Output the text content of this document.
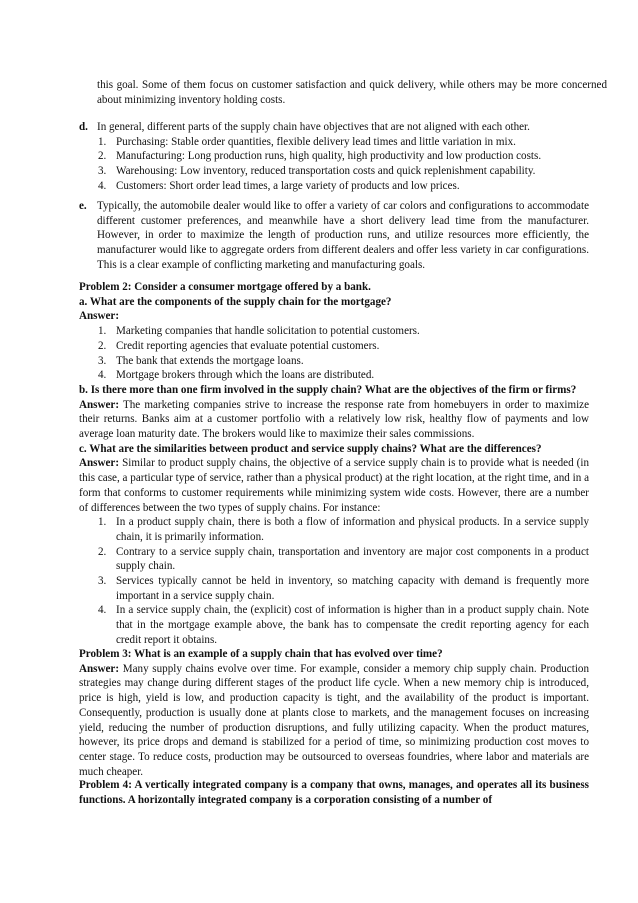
this goal. Some of them focus on customer satisfaction and quick delivery, while others may be more concerned about minimizing inventory holding costs.

d. In general, different parts of the supply chain have objectives that are not aligned with each other.

1. Purchasing: Stable order quantities, flexible delivery lead times and little variation in mix.
2. Manufacturing: Long production runs, high quality, high productivity and low production costs.
3. Warehousing: Low inventory, reduced transportation costs and quick replenishment capability.
4. Customers: Short order lead times, a large variety of products and low prices.
e. Typically, the automobile dealer would like to offer a variety of car colors and configurations to accommodate different customer preferences, and meanwhile have a short delivery lead time from the manufacturer. However, in order to maximize the length of production runs, and utilize resources more efficiently, the manufacturer would like to aggregate orders from different dealers and offer less variety in car configurations. This is a clear example of conflicting marketing and manufacturing goals.

Problem 2: Consider a consumer mortgage offered by a bank.

a. What are the components of the supply chain for the mortgage?

Answer:

1. Marketing companies that handle solicitation to potential customers.
2. Credit reporting agencies that evaluate potential customers.
3. The bank that extends the mortgage loans.
4. Mortgage brokers through which the loans are distributed.

b. Is there more than one firm involved in the supply chain? What are the objectives of the firm or firms?

Answer: The marketing companies strive to increase the response rate from homebuyers in order to maximize their returns. Banks aim at a customer portfolio with a relatively low risk, healthy flow of payments and low average loan maturity date. The brokers would like to maximize their sales commissions.

c. What are the similarities between product and service supply chains? What are the differences?

Answer: Similar to product supply chains, the objective of a service supply chain is to provide what is needed (in this case, a particular type of service, rather than a physical product) at the right location, at the right time, and in a form that conforms to customer requirements while minimizing system wide costs. However, there are a number of differences between the two types of supply chains. For instance:

1. In a product supply chain, there is both a flow of information and physical products. In a service supply chain, it is primarily information.
2. Contrary to a service supply chain, transportation and inventory are major cost components in a product supply chain.
3. Services typically cannot be held in inventory, so matching capacity with demand is frequently more important in a service supply chain.
4. In a service supply chain, the (explicit) cost of information is higher than in a product supply chain. Note that in the mortgage example above, the bank has to compensate the credit reporting agency for each credit report it obtains.

Problem 3: What is an example of a supply chain that has evolved over time?

Answer: Many supply chains evolve over time. For example, consider a memory chip supply chain. Production strategies may change during different stages of the product life cycle. When a new memory chip is introduced, price is high, yield is low, and production capacity is tight, and the availability of the product is important. Consequently, production is usually done at plants close to markets, and the management focuses on increasing yield, reducing the number of production disruptions, and fully utilizing capacity. When the product matures, however, its price drops and demand is stabilized for a period of time, so minimizing production cost moves to center stage. To reduce costs, production may be outsourced to overseas foundries, where labor and materials are much cheaper.

Problem 4: A vertically integrated company is a company that owns, manages, and operates all its business functions. A horizontally integrated company is a corporation consisting of a number of
